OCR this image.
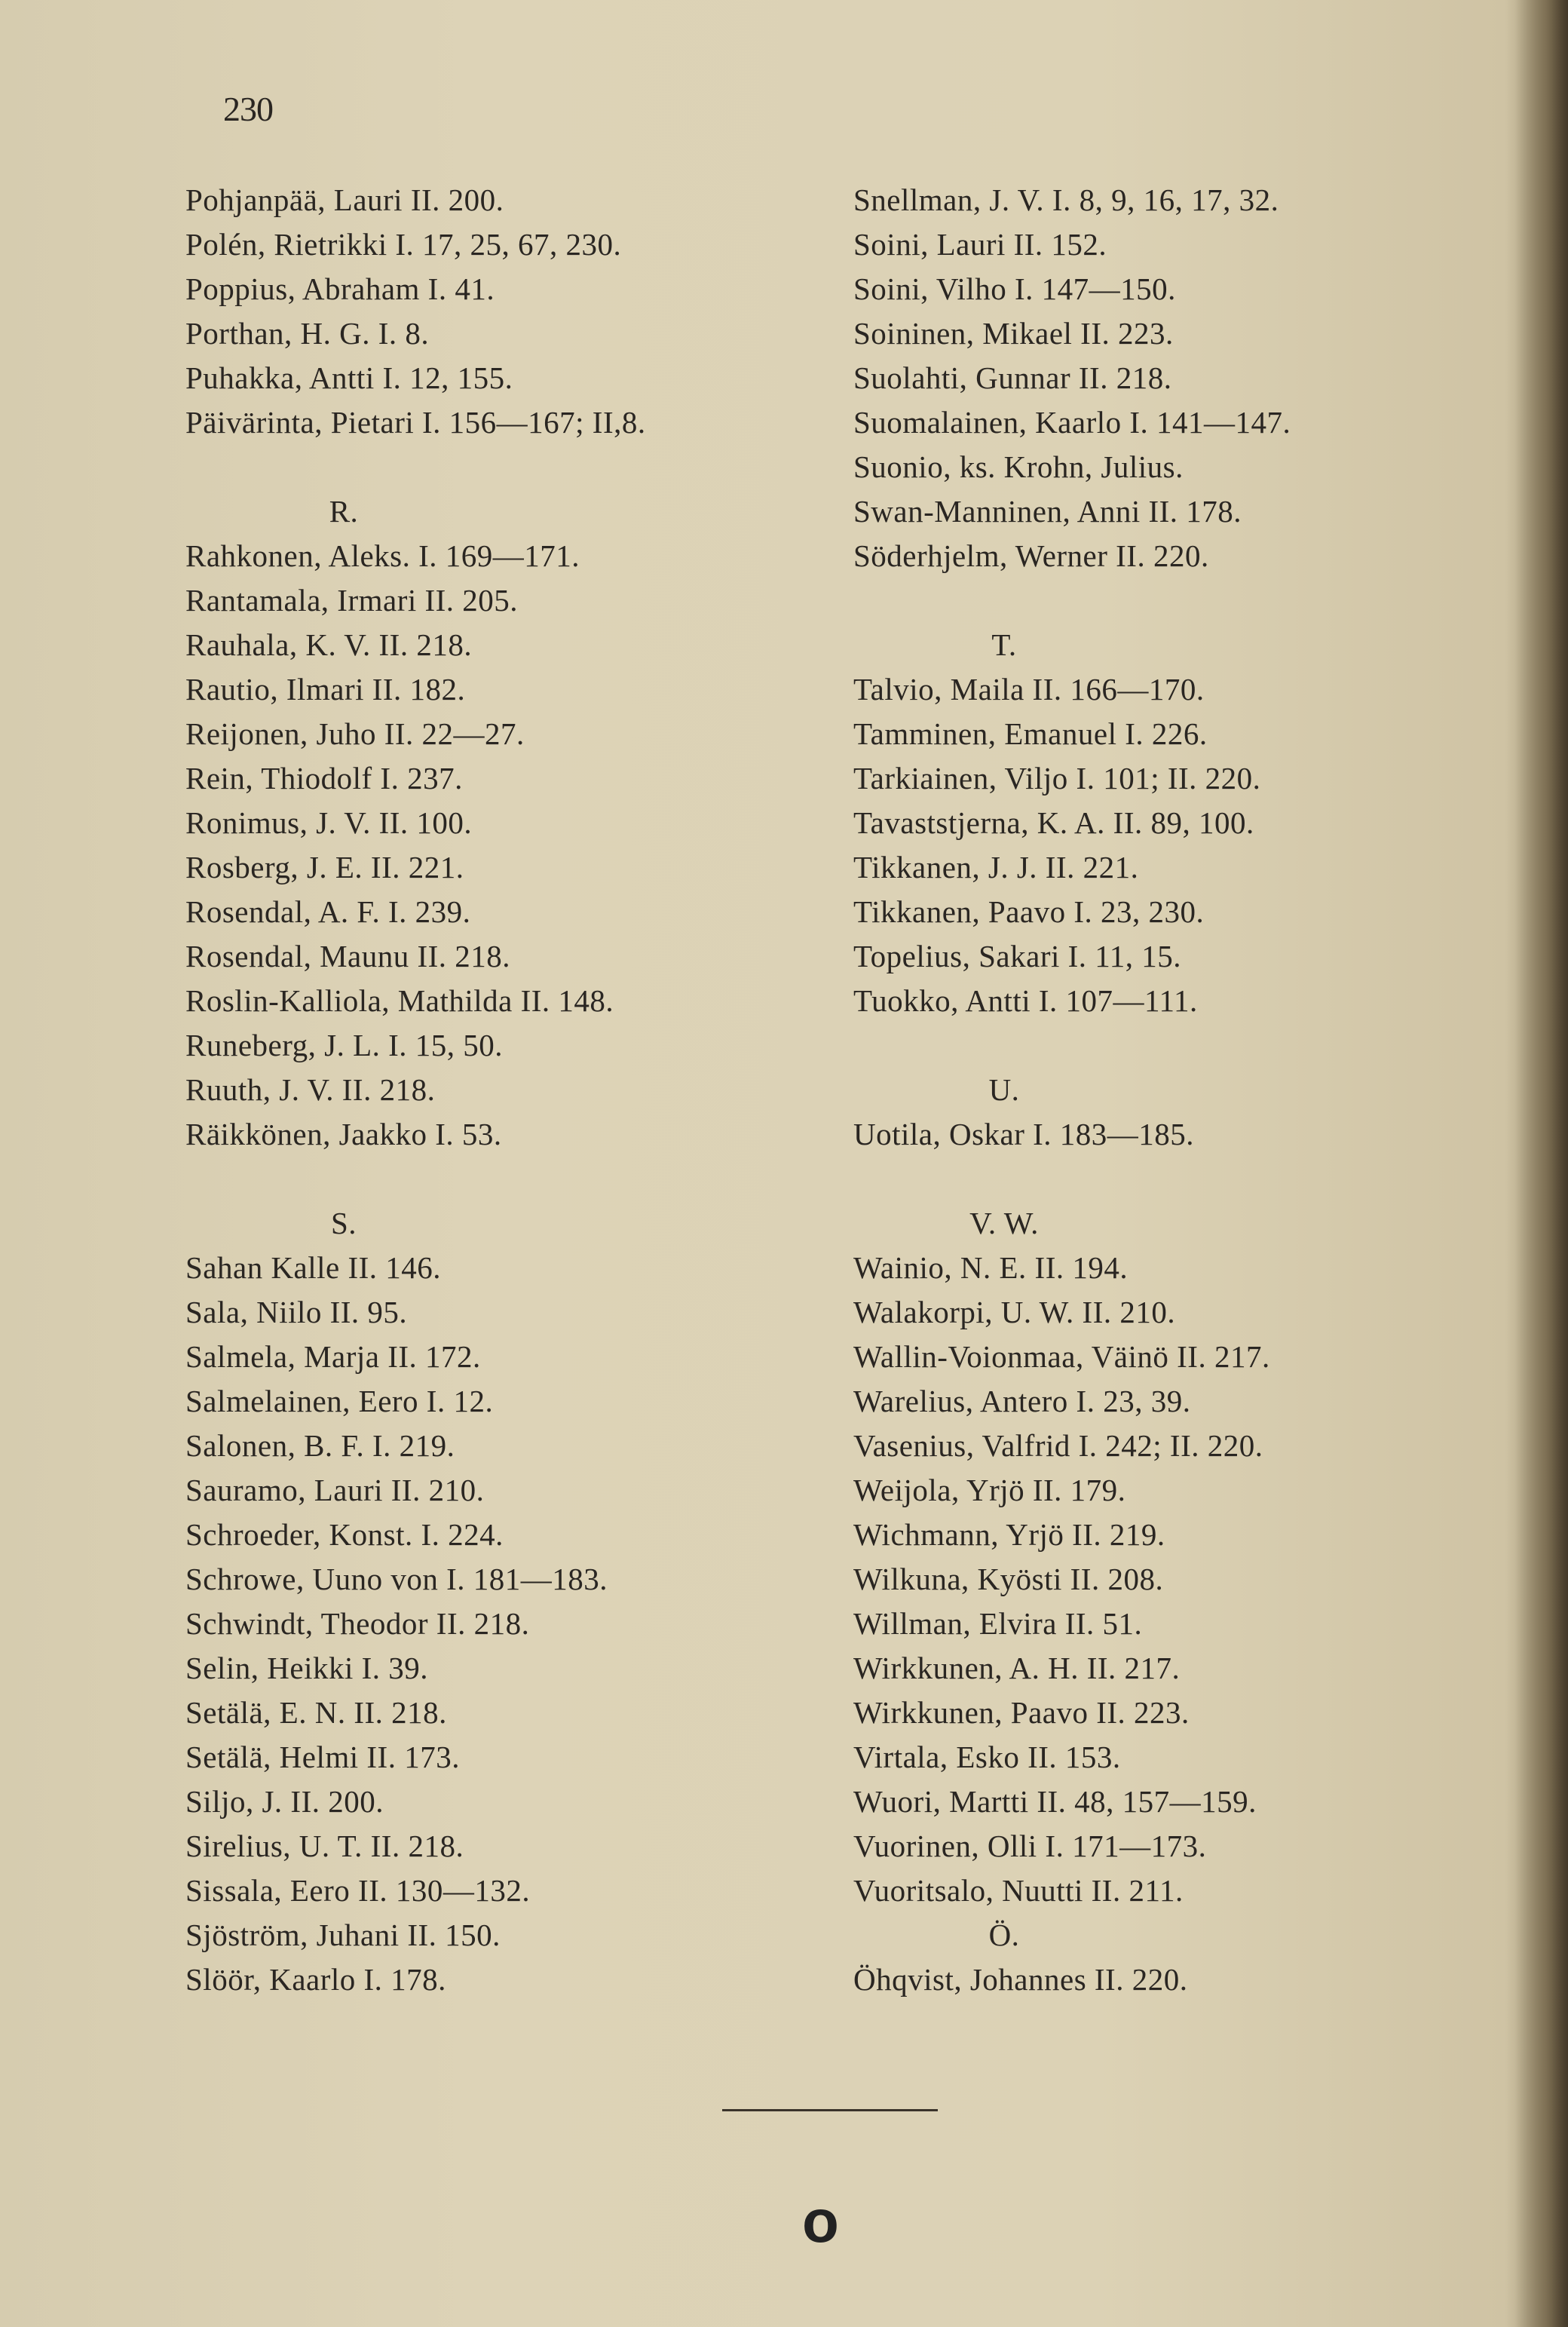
230
Pohjanpää, Lauri II. 200.
Polén, Rietrikki I. 17, 25, 67, 230.
Poppius, Abraham I. 41.
Porthan, H. G. I. 8.
Puhakka, Antti I. 12, 155.
Päivärinta, Pietari I. 156—167; II,8.
R.
Rahkonen, Aleks. I. 169—171.
Rantamala, Irmari II. 205.
Rauhala, K. V. II. 218.
Rautio, Ilmari II. 182.
Reijonen, Juho II. 22—27.
Rein, Thiodolf I. 237.
Ronimus, J. V. II. 100.
Rosberg, J. E. II. 221.
Rosendal, A. F. I. 239.
Rosendal, Maunu II. 218.
Roslin-Kalliola, Mathilda II. 148.
Runeberg, J. L. I. 15, 50.
Ruuth, J. V. II. 218.
Räikkönen, Jaakko I. 53.
S.
Sahan Kalle II. 146.
Sala, Niilo II. 95.
Salmela, Marja II. 172.
Salmelainen, Eero I. 12.
Salonen, B. F. I. 219.
Sauramo, Lauri II. 210.
Schroeder, Konst. I. 224.
Schrowe, Uuno von I. 181—183.
Schwindt, Theodor II. 218.
Selin, Heikki I. 39.
Setälä, E. N. II. 218.
Setälä, Helmi II. 173.
Siljo, J. II. 200.
Sirelius, U. T. II. 218.
Sissala, Eero II. 130—132.
Sjöström, Juhani II. 150.
Slöör, Kaarlo I. 178.
Snellman, J. V. I. 8, 9, 16, 17, 32.
Soini, Lauri II. 152.
Soini, Vilho I. 147—150.
Soininen, Mikael II. 223.
Suolahti, Gunnar II. 218.
Suomalainen, Kaarlo I. 141—147.
Suonio, ks. Krohn, Julius.
Swan-Manninen, Anni II. 178.
Söderhjelm, Werner II. 220.
T.
Talvio, Maila II. 166—170.
Tamminen, Emanuel I. 226.
Tarkiainen, Viljo I. 101; II. 220.
Tavaststjerna, K. A. II. 89, 100.
Tikkanen, J. J. II. 221.
Tikkanen, Paavo I. 23, 230.
Topelius, Sakari I. 11, 15.
Tuokko, Antti I. 107—111.
U.
Uotila, Oskar I. 183—185.
V. W.
Wainio, N. E. II. 194.
Walakorpi, U. W. II. 210.
Wallin-Voionmaa, Väinö II. 217.
Warelius, Antero I. 23, 39.
Vasenius, Valfrid I. 242; II. 220.
Weijola, Yrjö II. 179.
Wichmann, Yrjö II. 219.
Wilkuna, Kyösti II. 208.
Willman, Elvira II. 51.
Wirkkunen, A. H. II. 217.
Wirkkunen, Paavo II. 223.
Virtala, Esko II. 153.
Wuori, Martti II. 48, 157—159.
Vuorinen, Olli I. 171—173.
Vuoritsalo, Nuutti II. 211.
Ö.
Öhqvist, Johannes II. 220.
o
